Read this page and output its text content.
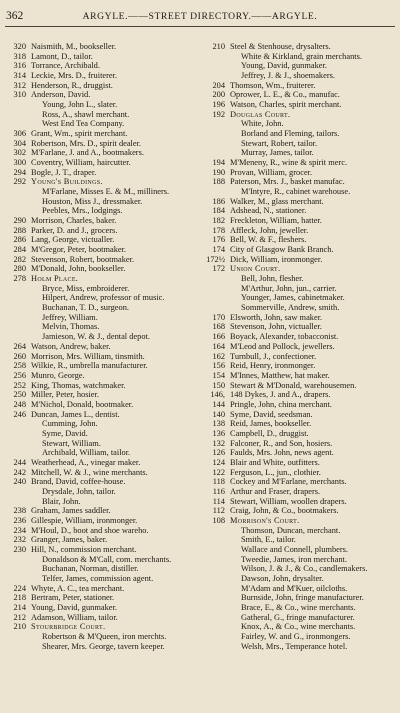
362	ARGYLE.——STREET DIRECTORY.——ARGYLE.
320 Naismith, M., bookseller.
318 Lamont, D., tailor.
316 Torrance, Archibald.
314 Leckie, Mrs. D., fruiterer.
312 Henderson, R., druggist.
310 Anderson, David.
Young, John L., slater.
Ross, A., shawl merchant.
West End Tea Company.
306 Grant, Wm., spirit merchant.
304 Robertson, Mrs. D., spirit dealer.
302 M'Farlane, J. and A., bootmakers.
300 Coventry, William, haircutter.
294 Bogle, J. T., draper.
292 Young's Buildings.
M'Farlane, Misses E. & M., milliners.
Houston, Miss J., dressmaker.
Peebles, Mrs., lodgings.
290 Morrison, Charles, baker.
288 Parker, D. and J., grocers.
286 Lang, George, victualler.
284 M'Gregor, Peter, bootmaker.
282 Stevenson, Robert, bootmaker.
280 M'Donald, John, bookseller.
278 Holm Place.
Bryce, Miss, embroiderer.
Hilpert, Andrew, professor of music.
Buchanan, T. D., surgeon.
Jeffrey, William.
Melvin, Thomas.
Jamieson, W. & J., dental depot.
264 Watson, Andrew, baker.
260 Morrison, Mrs. William, tinsmith.
258 Wilkie, R., umbrella manufacturer.
256 Munro, George.
252 King, Thomas, watchmaker.
250 Miller, Peter, hosier.
248 M'Nichol, Donald, bootmaker.
246 Duncan, James L., dentist.
Cumming, John.
Syme, David.
Stewart, William.
Archibald, William, tailor.
244 Weatherhead, A., vinegar maker.
242 Mitchell, W. & J., wine merchants.
240 Brand, David, coffee-house.
Drysdale, John, tailor.
Blair, John.
238 Graham, James saddler.
236 Gillespie, William, ironmonger.
234 M'Houl, D., boot and shoe wareho.
232 Granger, James, baker.
230 Hill, N., commission merchant.
Donaldson & M'Call, com. merchants.
Buchanan, Norman, distiller.
Telfer, James, commission agent.
224 Whyte, A. C., tea merchant.
218 Bertram, Peter, stationer.
214 Young, David, gunmaker.
212 Adamson, William, tailor.
210 Stourbridge Court.
Robertson & M'Queen, iron merchts.
Shearer, Mrs. George, tavern keeper.
210 Steel & Stenhouse, drysalters.
White & Kirkland, grain merchants.
Young, David, gunmaker.
Jeffrey, J. & J., shoemakers.
204 Thomson, Wm., fruiterer.
200 Oprower, L. E., & Co., manufac.
196 Watson, Charles, spirit merchant.
192 Douglas Court.
White, John.
Borland and Fleming, tailors.
Stewart, Robert, tailor.
Murray, James, tailor.
194 M'Meneny, R., wine & spirit merc.
190 Provan, William, grocer.
188 Paterson, Mrs. J., basket manufac.
M'Intyre, R., cabinet warehouse.
186 Walker, M., glass merchant.
184 Adshead, N., stationer.
182 Freckleton, William, hatter.
178 Affleck, John, jeweller.
176 Bell, W. & F., fleshers.
174 City of Glasgow Bank Branch.
172½ Dick, William, ironmonger.
172 Union Court.
Bell, John, flesher.
M'Arthur, John, jun., carrier.
Younger, James, cabinetmaker.
Sommerville, Andrew, smith.
170 Elsworth, John, saw maker.
168 Stevenson, John, victualler.
166 Boyack, Alexander, tobacconist.
164 M'Leod and Pollock, jewellers.
162 Turnbull, J., confectioner.
156 Reid, Henry, ironmonger.
154 M'Innes, Matthew, hat maker.
150 Stewart & M'Donald, warehousemen.
146, 148 Dykes, J. and A., drapers.
144 Pringle, John, china merchant.
140 Syme, David, seedsman.
138 Reid, James, bookseller.
136 Campbell, D., druggist.
132 Falconer, R., and Son, hosiers.
126 Faulds, Mrs. John, news agent.
124 Blair and White, outfitters.
122 Ferguson, L., jun., clothier.
118 Cockey and M'Farlane, merchants.
116 Arthur and Fraser, drapers.
114 Stewart, William, woollen drapers.
112 Craig, John, & Co., bootmakers.
108 Morrison's Court.
Thomson, Duncan, merchant.
Smith, E., tailor.
Wallace and Connell, plumbers.
Tweedie, James, iron merchant.
Wilson, J. & J., & Co., candlemakers.
Dawson, John, drysalter.
M'Adam and M'Kuer, oilcloths.
Burnside, John, fringe manufacturer.
Brace, E., & Co., wine merchants.
Gatheral, G., fringe manufacturer.
Knox, A., & Co., wine merchants.
Fairley, W. and G., ironmongers.
Welsh, Mrs., Temperance hotel.
